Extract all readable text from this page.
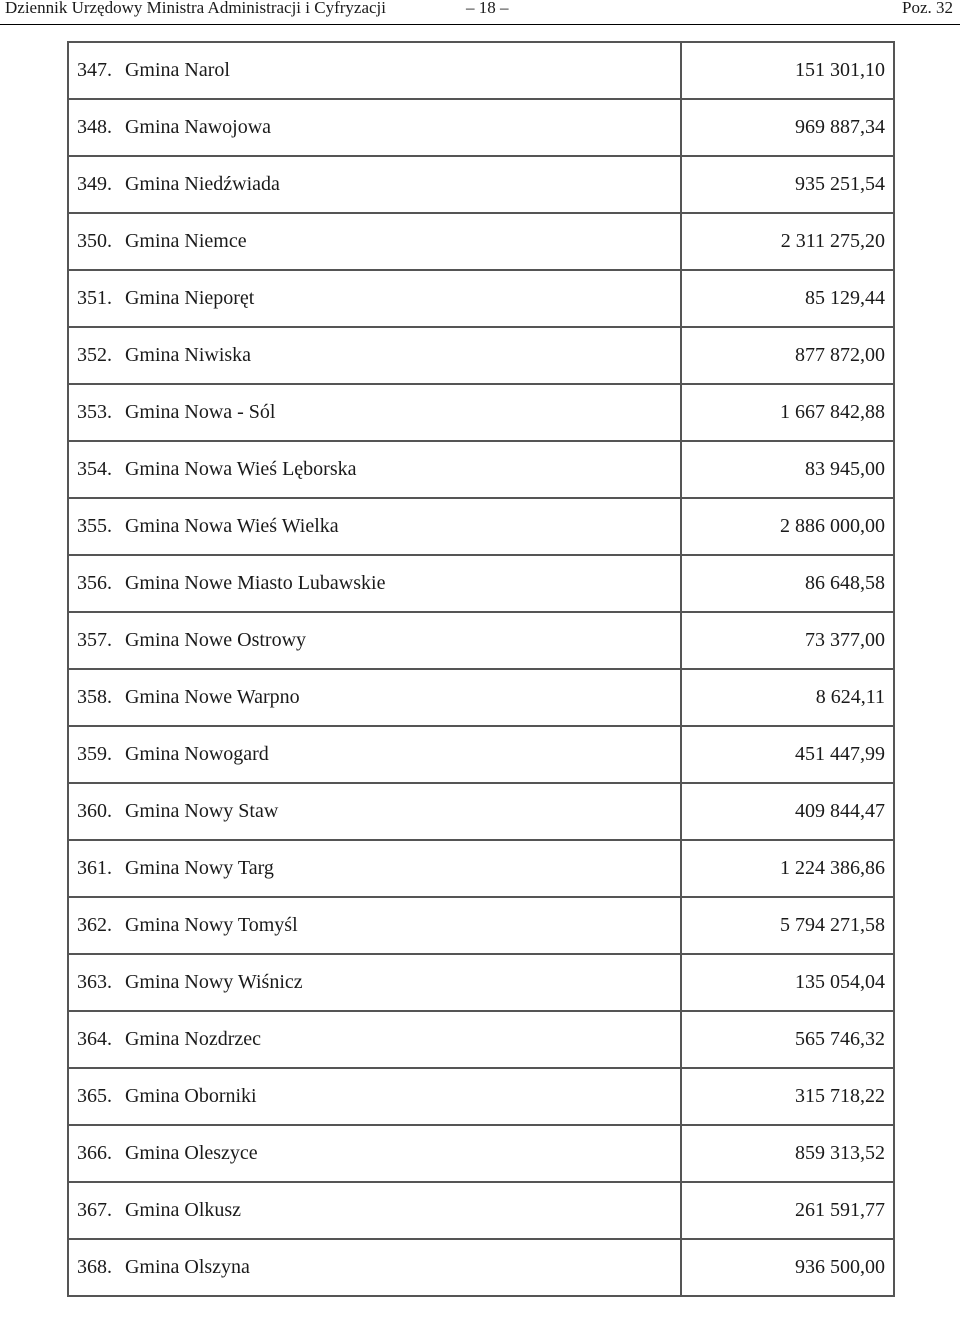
Dziennik Urzędowy Ministra Administracji i Cyfryzacji	– 18 –	Poz. 32
347.	Gmina Narol	151 301,10
348.	Gmina Nawojowa	969 887,34
349.	Gmina Niedźwiada	935 251,54
350.	Gmina Niemce	2 311 275,20
351.	Gmina Nieporęt	85 129,44
352.	Gmina Niwiska	877 872,00
353.	Gmina Nowa - Sól	1 667 842,88
354.	Gmina Nowa Wieś Lęborska	83 945,00
355.	Gmina Nowa Wieś Wielka	2 886 000,00
356.	Gmina Nowe Miasto Lubawskie	86 648,58
357.	Gmina Nowe Ostrowy	73 377,00
358.	Gmina Nowe Warpno	8 624,11
359.	Gmina Nowogard	451 447,99
360.	Gmina Nowy Staw	409 844,47
361.	Gmina Nowy Targ	1 224 386,86
362.	Gmina Nowy Tomyśl	5 794 271,58
363.	Gmina Nowy Wiśnicz	135 054,04
364.	Gmina Nozdrzec	565 746,32
365.	Gmina Oborniki	315 718,22
366.	Gmina Oleszyce	859 313,52
367.	Gmina Olkusz	261 591,77
368.	Gmina Olszyna	936 500,00
